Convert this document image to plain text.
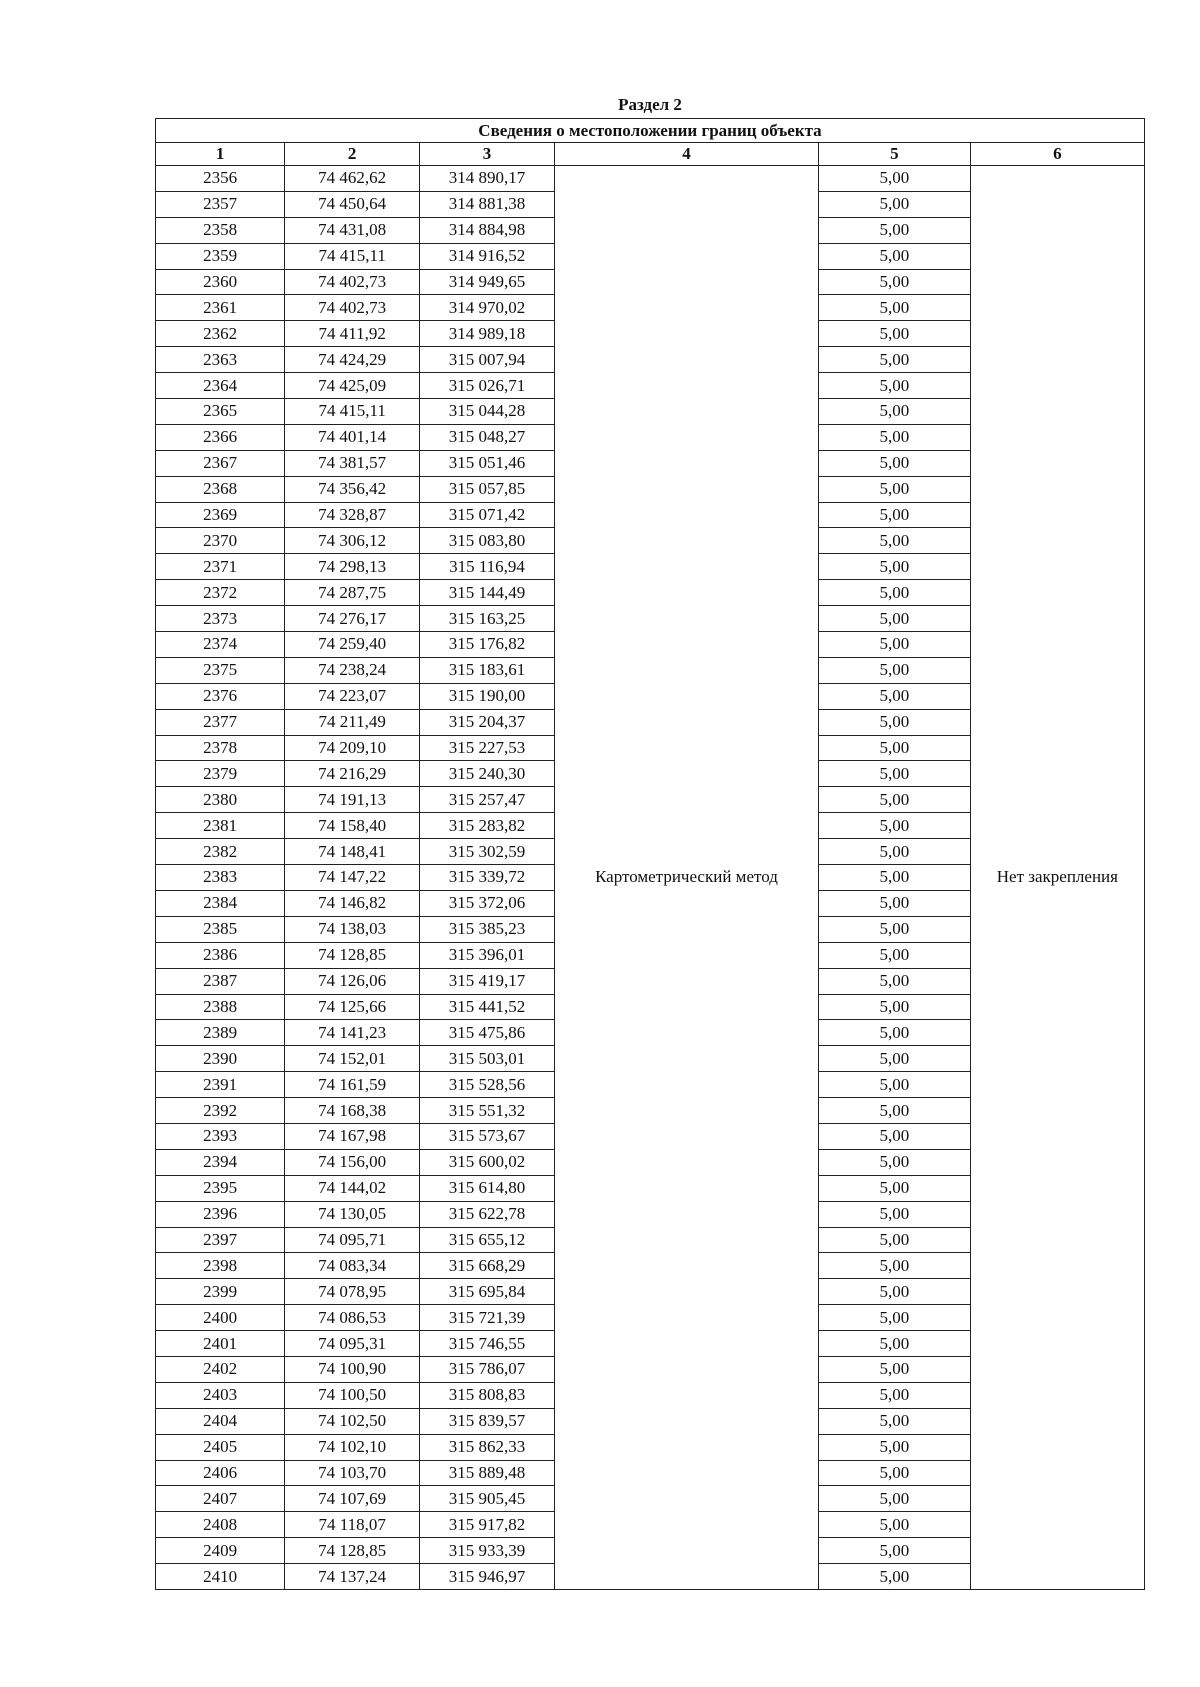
Раздел 2
Сведения о местоположении границ объекта					
1	2	3	4	5	6
2356	74 462,62	314 890,17	Картометрический метод	5,00	Нет закрепления
2357	74 450,64	314 881,38		5,00	
2358	74 431,08	314 884,98		5,00	
2359	74 415,11	314 916,52		5,00	
2360	74 402,73	314 949,65		5,00	
2361	74 402,73	314 970,02		5,00	
2362	74 411,92	314 989,18		5,00	
2363	74 424,29	315 007,94		5,00	
2364	74 425,09	315 026,71		5,00	
2365	74 415,11	315 044,28		5,00	
2366	74 401,14	315 048,27		5,00	
2367	74 381,57	315 051,46		5,00	
2368	74 356,42	315 057,85		5,00	
2369	74 328,87	315 071,42		5,00	
2370	74 306,12	315 083,80		5,00	
2371	74 298,13	315 116,94		5,00	
2372	74 287,75	315 144,49		5,00	
2373	74 276,17	315 163,25		5,00	
2374	74 259,40	315 176,82		5,00	
2375	74 238,24	315 183,61		5,00	
2376	74 223,07	315 190,00		5,00	
2377	74 211,49	315 204,37		5,00	
2378	74 209,10	315 227,53		5,00	
2379	74 216,29	315 240,30		5,00	
2380	74 191,13	315 257,47		5,00	
2381	74 158,40	315 283,82		5,00	
2382	74 148,41	315 302,59		5,00	
2383	74 147,22	315 339,72		5,00	
2384	74 146,82	315 372,06		5,00	
2385	74 138,03	315 385,23		5,00	
2386	74 128,85	315 396,01		5,00	
2387	74 126,06	315 419,17		5,00	
2388	74 125,66	315 441,52		5,00	
2389	74 141,23	315 475,86		5,00	
2390	74 152,01	315 503,01		5,00	
2391	74 161,59	315 528,56		5,00	
2392	74 168,38	315 551,32		5,00	
2393	74 167,98	315 573,67		5,00	
2394	74 156,00	315 600,02		5,00	
2395	74 144,02	315 614,80		5,00	
2396	74 130,05	315 622,78		5,00	
2397	74 095,71	315 655,12		5,00	
2398	74 083,34	315 668,29		5,00	
2399	74 078,95	315 695,84		5,00	
2400	74 086,53	315 721,39		5,00	
2401	74 095,31	315 746,55		5,00	
2402	74 100,90	315 786,07		5,00	
2403	74 100,50	315 808,83		5,00	
2404	74 102,50	315 839,57		5,00	
2405	74 102,10	315 862,33		5,00	
2406	74 103,70	315 889,48		5,00	
2407	74 107,69	315 905,45		5,00	
2408	74 118,07	315 917,82		5,00	
2409	74 128,85	315 933,39		5,00	
2410	74 137,24	315 946,97		5,00	
